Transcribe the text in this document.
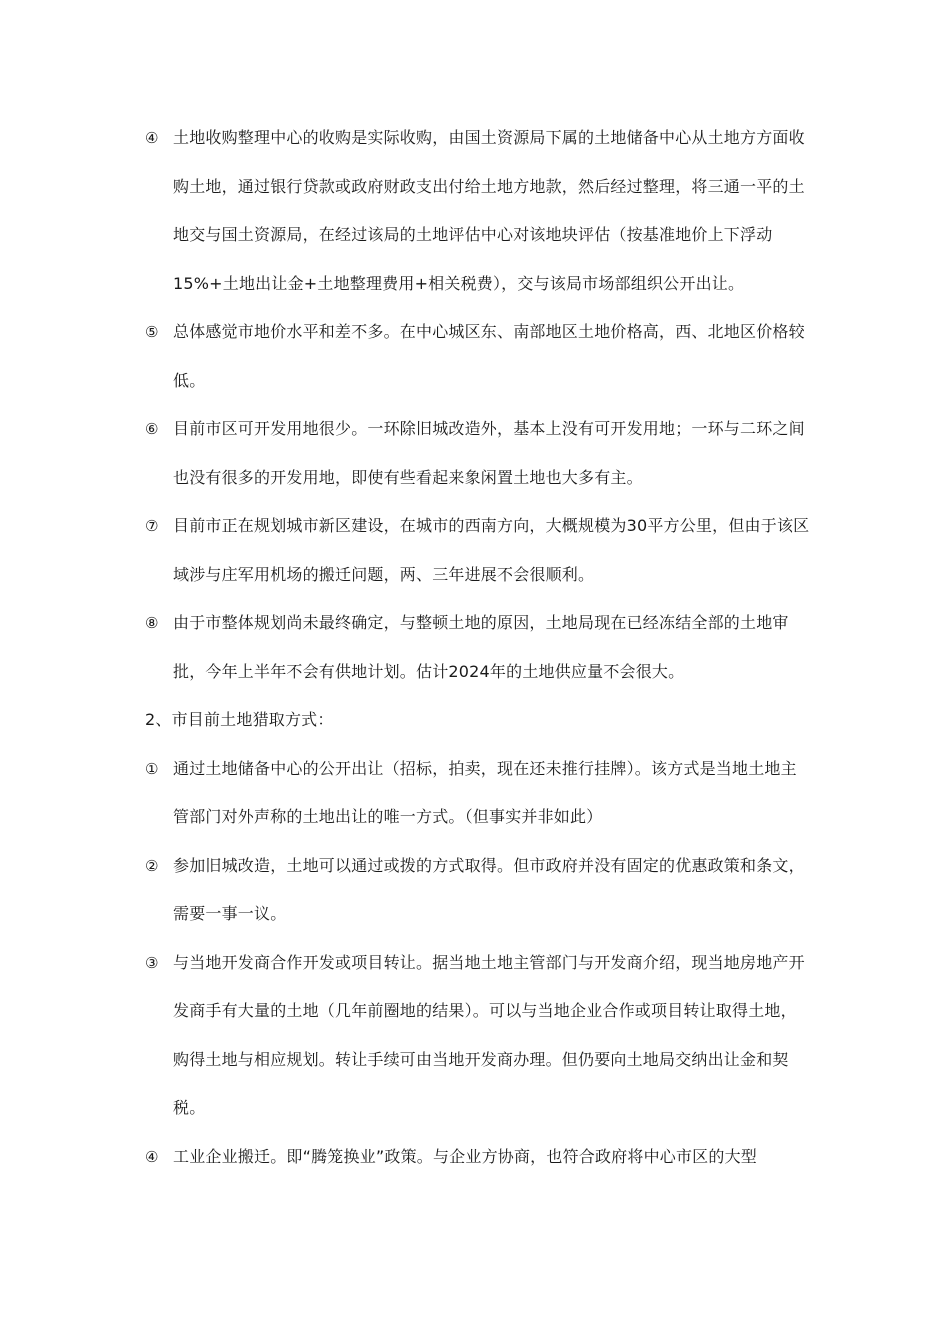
④ 土地收购整理中心的收购是实际收购，由国土资源局下属的土地储备中心从土地方方面收购土地，通过银行贷款或政府财政支出付给土地方地款，然后经过整理，将三通一平的土地交与国土资源局，在经过该局的土地评估中心对该地块评估（按基准地价上下浮动15%+土地出让金+土地整理费用+相关税费），交与该局市场部组织公开出让。
⑤ 总体感觉市地价水平和差不多。在中心城区东、南部地区土地价格高，西、北地区价格较低。
⑥ 目前市区可开发用地很少。一环除旧城改造外，基本上没有可开发用地；一环与二环之间也没有很多的开发用地，即使有些看起来象闲置土地也大多有主。
⑦ 目前市正在规划城市新区建设，在城市的西南方向，大概规模为30平方公里，但由于该区域涉与庄军用机场的搬迁问题，两、三年进展不会很顺利。
⑧ 由于市整体规划尚未最终确定，与整顿土地的原因，土地局现在已经冻结全部的土地审批，今年上半年不会有供地计划。估计2024年的土地供应量不会很大。
2、市目前土地猎取方式：
① 通过土地储备中心的公开出让（招标，拍卖，现在还未推行挂牌）。该方式是当地土地主管部门对外声称的土地出让的唯一方式。（但事实并非如此）
② 参加旧城改造，土地可以通过或拨的方式取得。但市政府并没有固定的优惠政策和条文，需要一事一议。
③ 与当地开发商合作开发或项目转让。据当地土地主管部门与开发商介绍，现当地房地产开发商手有大量的土地（几年前圈地的结果）。可以与当地企业合作或项目转让取得土地，购得土地与相应规划。转让手续可由当地开发商办理。但仍要向土地局交纳出让金和契税。
④ 工业企业搬迁。即“腾笼换业”政策。与企业方协商，也符合政府将中心市区的大型
